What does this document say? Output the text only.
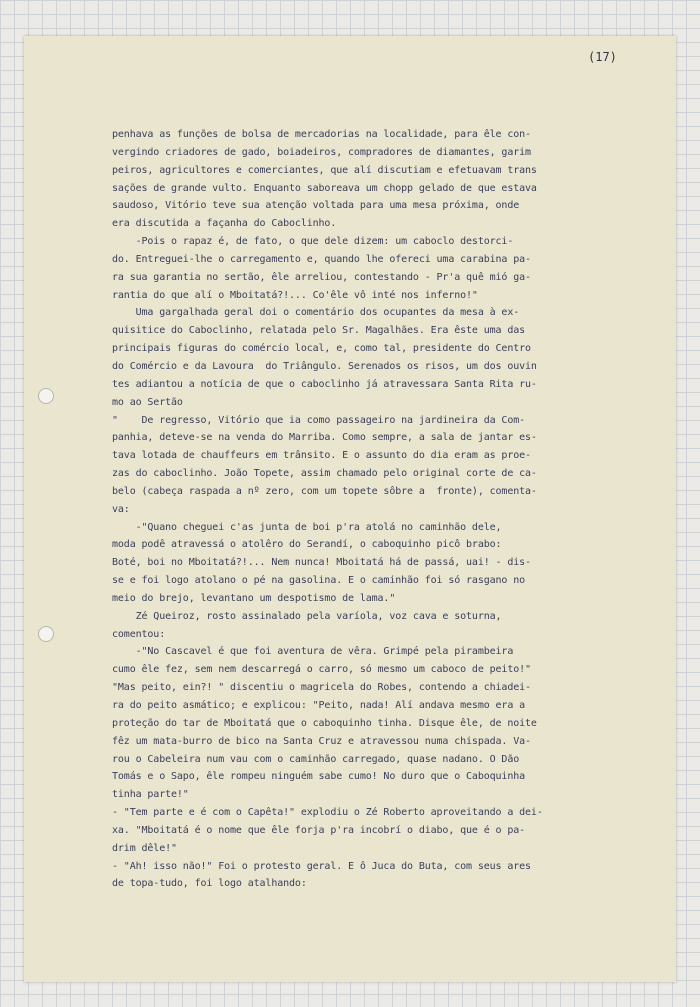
(17)

penhava as funções de bolsa de mercadorias na localidade, para êle con-
vergindo criadores de gado, boiadeiros, compradores de diamantes, garim
peiros, agricultores e comerciantes, que alí discutiam e efetuavam trans
sações de grande vulto. Enquanto saboreava um chopp gelado de que estava
saudoso, Vitório teve sua atenção voltada para uma mesa próxima, onde
era discutida a façanha do Caboclinho.
-Pois o rapaz é, de fato, o que dele dizem: um caboclo destorci-
do. Entreguei-lhe o carregamento e, quando lhe ofereci uma carabina pa-
ra sua garantia no sertão, êle arreliou, contestando - Pr'a quê mió ga-
rantia do que alí o Mboitatá?!... Co'êle vô inté nos inferno!"
Uma gargalhada geral doi o comentário dos ocupantes da mesa à ex-
quisitice do Caboclinho, relatada pelo Sr. Magalhães. Era êste uma das
principais figuras do comércio local, e, como tal, presidente do Centro
do Comércio e da Lavoura  do Triângulo. Serenados os risos, um dos ouvin
tes adiantou a notícia de que o caboclinho já atravessara Santa Rita ru-
mo ao Sertão
"    De regresso, Vitório que ia como passageiro na jardineira da Com-
panhia, deteve-se na venda do Marriba. Como sempre, a sala de jantar es-
tava lotada de chauffeurs em trânsito. E o assunto do dia eram as proe-
zas do caboclinho. João Topete, assim chamado pelo original corte de ca-
belo (cabeça raspada a nº zero, com um topete sôbre a  fronte), comenta-
va:
-"Quano cheguei c'as junta de boi p'ra atolá no caminhão dele,
moda podê atravessá o atolêro do Serandí, o caboquinho picô brabo:
Boté, boi no Mboitatá?!... Nem nunca! Mboitatá há de passá, uai! - dis-
se e foi logo atolano o pé na gasolina. E o caminhão foi só rasgano no
meio do brejo, levantano um despotismo de lama."
Zé Queiroz, rosto assinalado pela varíola, voz cava e soturna,
comentou:
-"No Cascavel é que foi aventura de vêra. Grimpé pela pirambeira
cumo êle fez, sem nem descarregá o carro, só mesmo um caboco de peito!"
"Mas peito, ein?! " discentiu o magricela do Robes, contendo a chiadei-
ra do peito asmático; e explicou: "Peito, nada! Alí andava mesmo era a
proteção do tar de Mboitatá que o caboquinho tinha. Disque êle, de noite
fêz um mata-burro de bico na Santa Cruz e atravessou numa chispada. Va-
rou o Cabeleira num vau com o caminhão carregado, quase nadano. O Dão
Tomás e o Sapo, êle rompeu ninguém sabe cumo! No duro que o Caboquinha
tinha parte!"
- "Tem parte e é com o Capêta!" explodiu o Zé Roberto aproveitando a dei-
xa. "Mboitatá é o nome que êle forja p'ra incobrí o diabo, que é o pa-
drim dêle!"
- "Ah! isso não!" Foi o protesto geral. E ô Juca do Buta, com seus ares
de topa-tudo, foi logo atalhando:
